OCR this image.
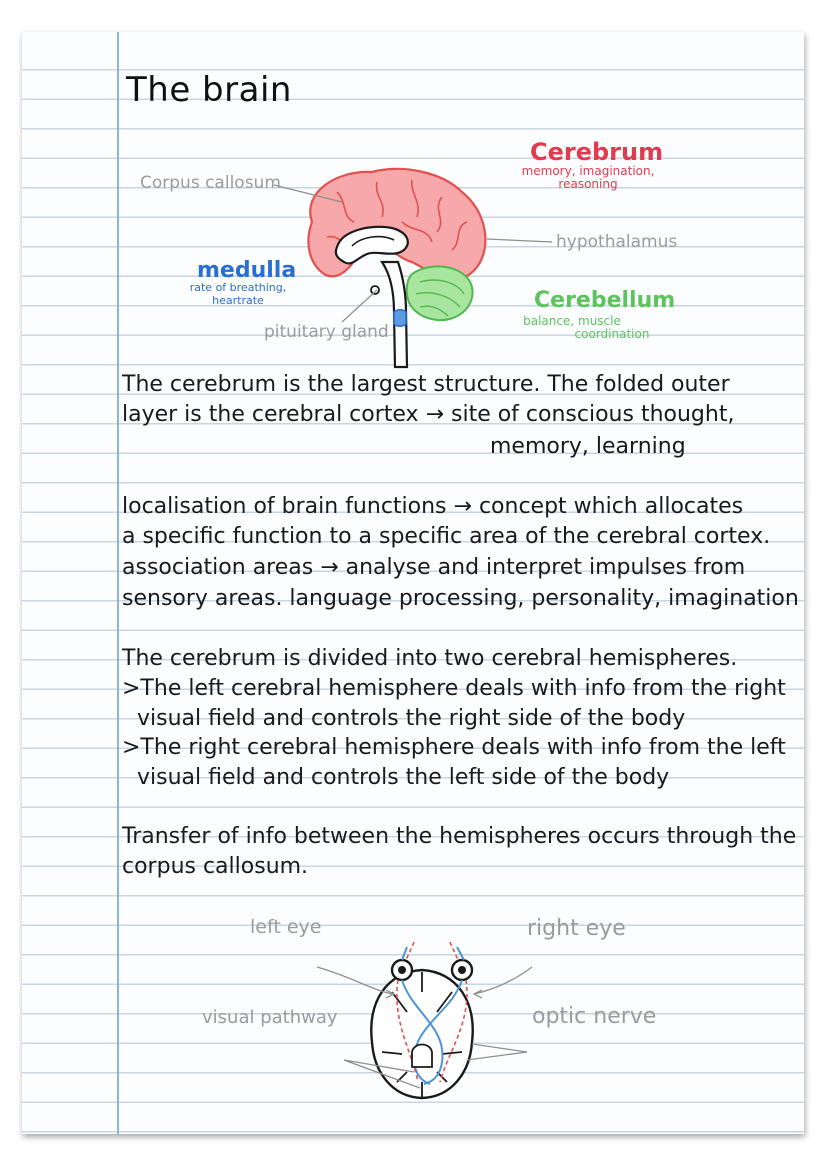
The brain
Corpus callosum
Cerebrum
memory, imagination,
reasoning
hypothalamus
medulla
rate of breathing,
heartrate	Cerebellum
balance, muscle
coordination
pituitary gland
The cerebrum is the largest structure. The folded outer
layer is the cerebral cortex → site of conscious thought,
memory, learning
localisation of brain functions → concept which allocates
a specific function to a specific area of the cerebral cortex.
association areas → analyse and interpret impulses from
sensory areas. language processing, personality, imagination
The cerebrum is divided into two cerebral hemispheres.
>The left cerebral hemisphere deals with info from the right
visual field and controls the right side of the body
>The right cerebral hemisphere deals with info from the left
visual field and controls the left side of the body
Transfer of info between the hemispheres occurs through the
corpus callosum.
left eye	right eye
visual pathway	optic nerve
